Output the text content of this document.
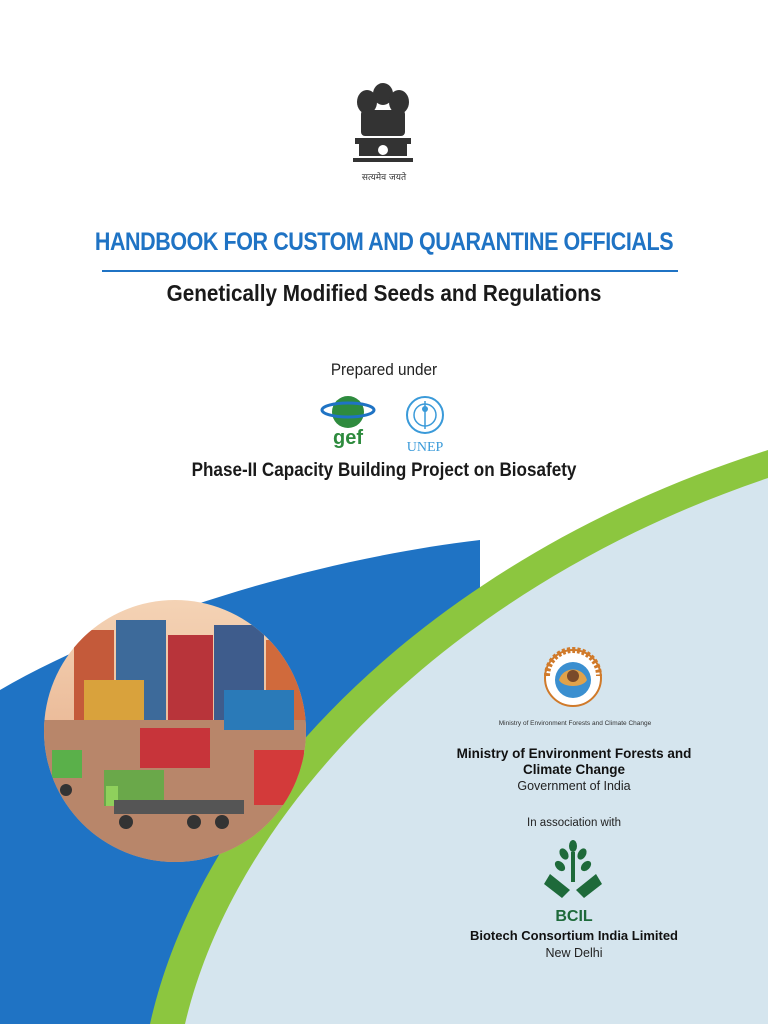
सत्यमेव जयते
HANDBOOK FOR CUSTOM AND QUARANTINE OFFICIALS
Genetically Modified Seeds and Regulations
Prepared under
gef	UNEP
Phase-II Capacity Building Project on Biosafety
Ministry of Environment Forests and Climate Change
Ministry of Environment Forests and Climate Change
Government of India
In association with
BCIL
Biotech Consortium India Limited
New Delhi
